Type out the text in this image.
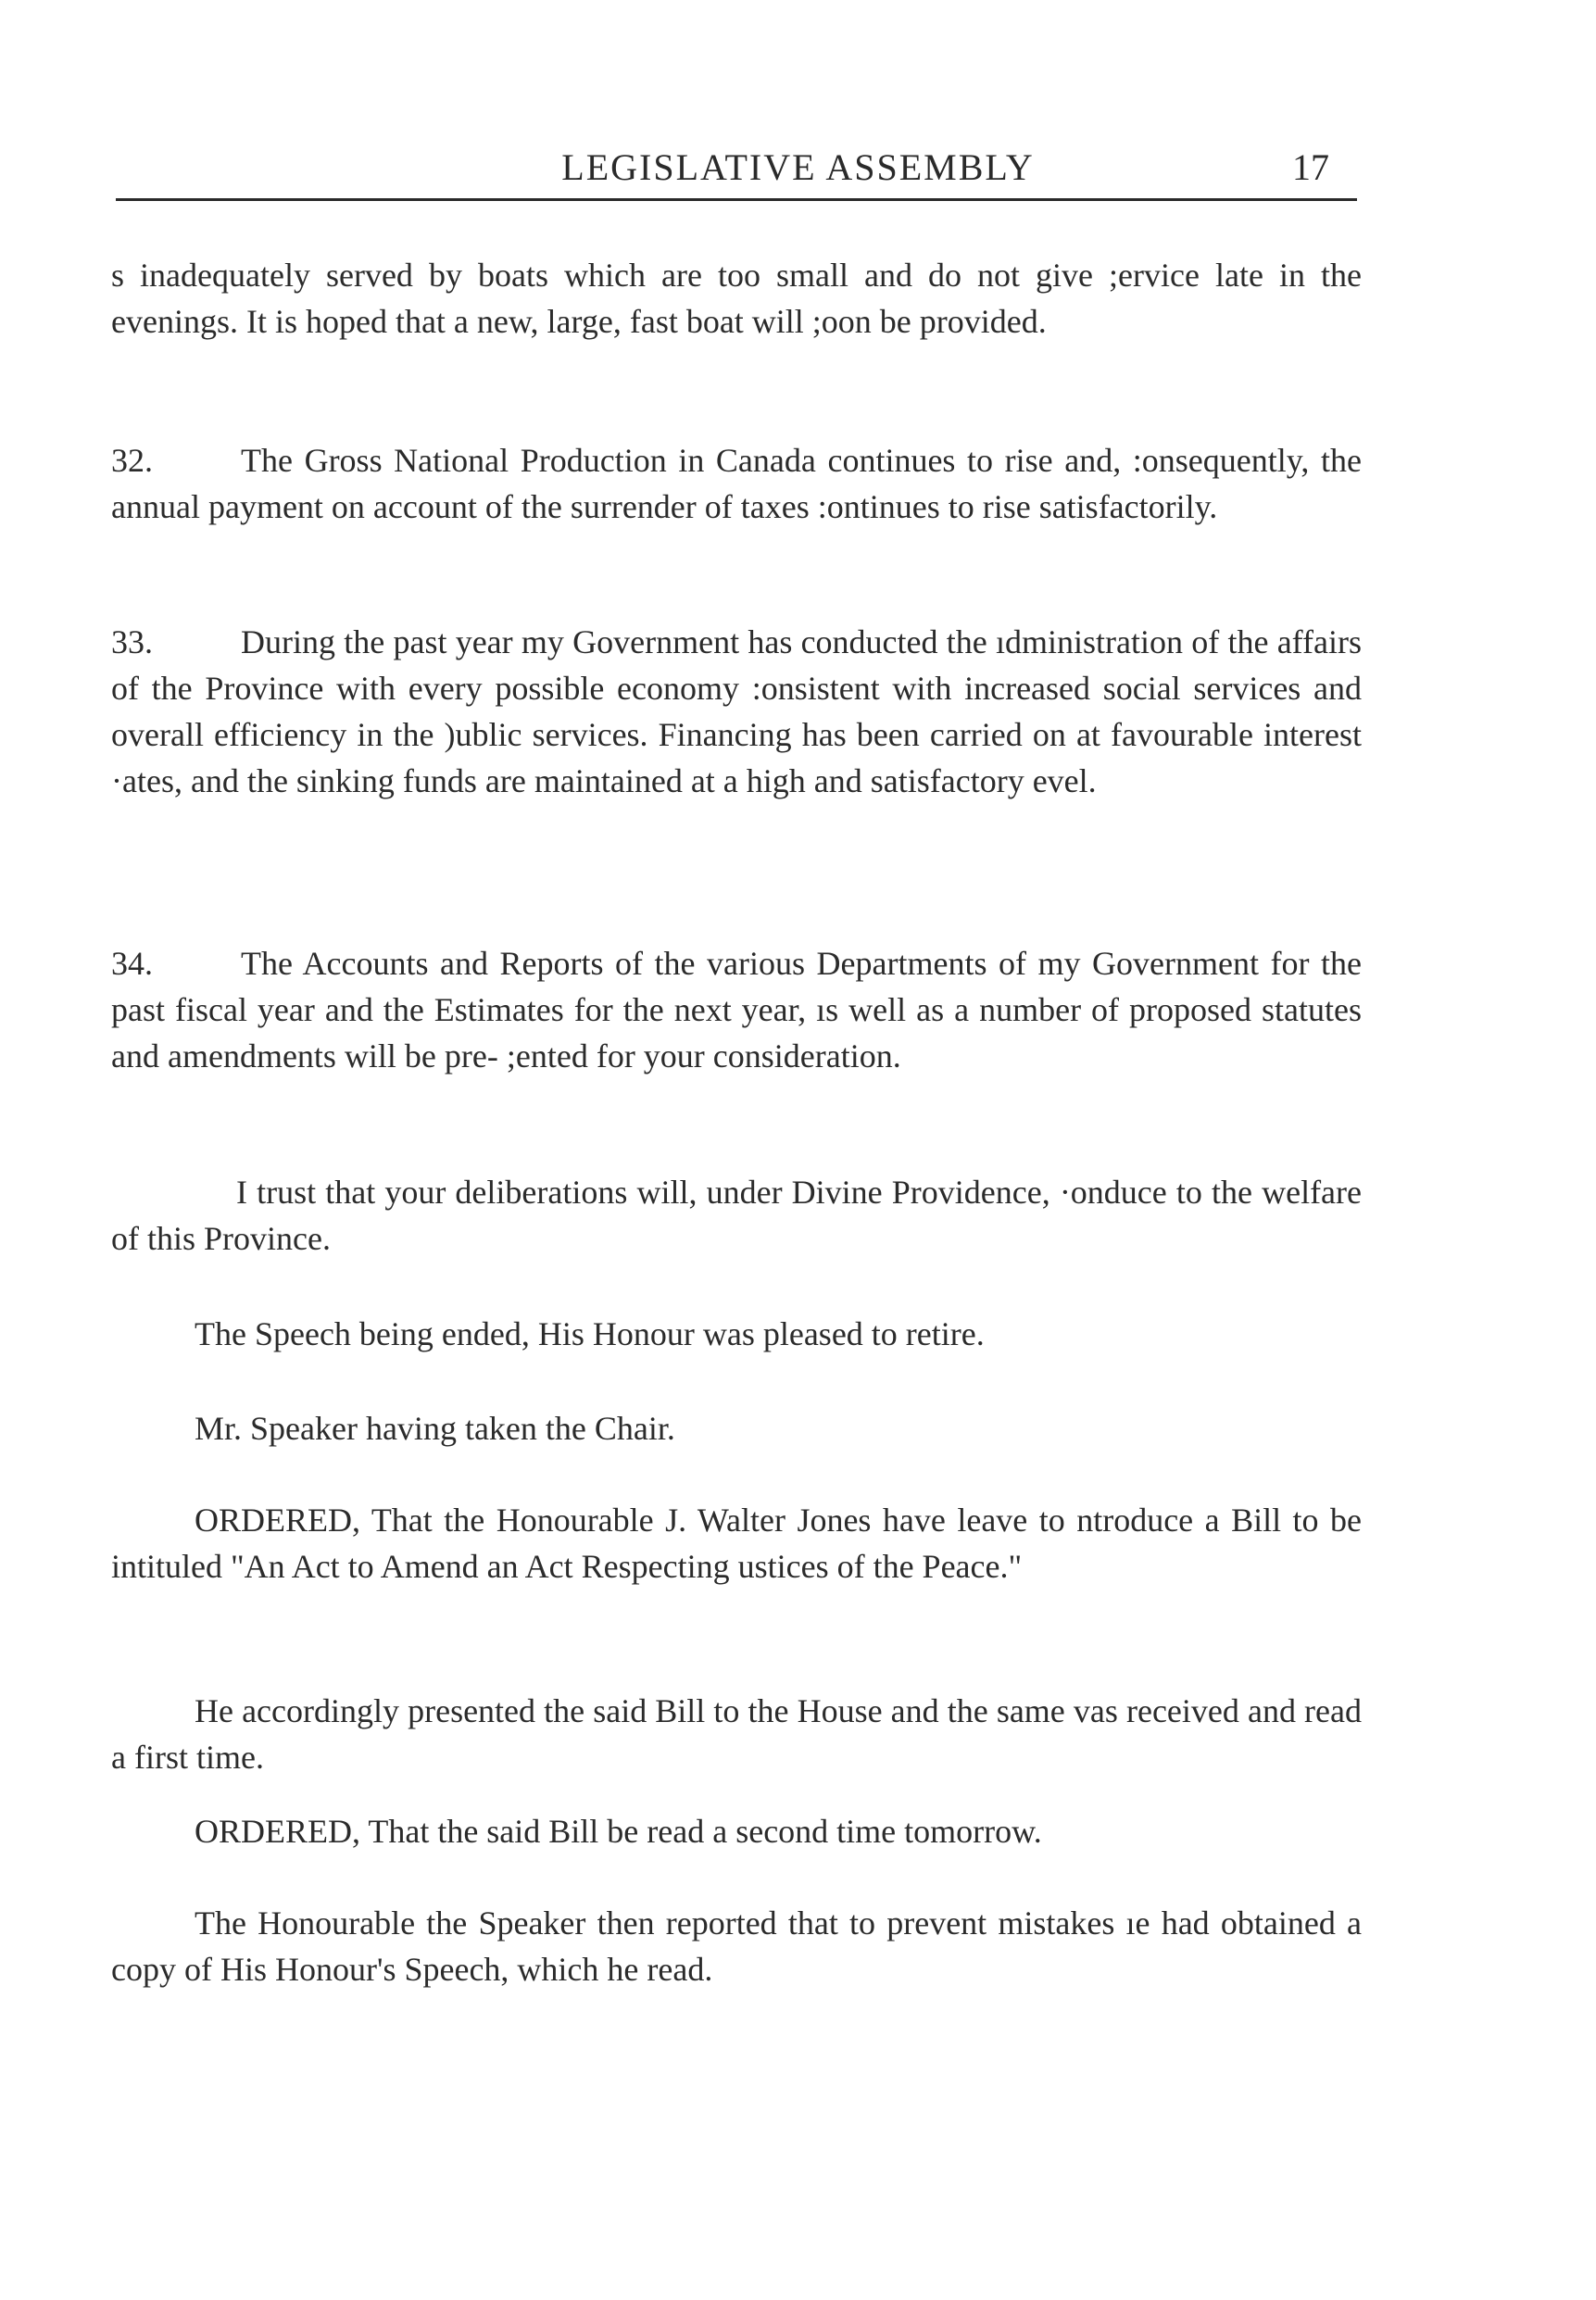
LEGISLATIVE ASSEMBLY	17

s inadequately served by boats which are too small and do not give ;ervice late in the evenings. It is hoped that a new, large, fast boat will ;oon be provided.

32.	The Gross National Production in Canada continues to rise and, :onsequently, the annual payment on account of the surrender of taxes :ontinues to rise satisfactorily.

33.	During the past year my Government has conducted the ıdministration of the affairs of the Province with every possible economy :onsistent with increased social services and overall efficiency in the )ublic services. Financing has been carried on at favourable interest ·ates, and the sinking funds are maintained at a high and satisfactory evel.

34.	The Accounts and Reports of the various Departments of my Government for the past fiscal year and the Estimates for the next year, ıs well as a number of proposed statutes and amendments will be pre- ;ented for your consideration.

I trust that your deliberations will, under Divine Providence, ·onduce to the welfare of this Province.

The Speech being ended, His Honour was pleased to retire.

Mr. Speaker having taken the Chair.

ORDERED, That the Honourable J. Walter Jones have leave to ntroduce a Bill to be intituled "An Act to Amend an Act Respecting ustices of the Peace."

He accordingly presented the said Bill to the House and the same vas received and read a first time.

ORDERED, That the said Bill be read a second time tomorrow.

The Honourable the Speaker then reported that to prevent mistakes ıe had obtained a copy of His Honour's Speech, which he read.
